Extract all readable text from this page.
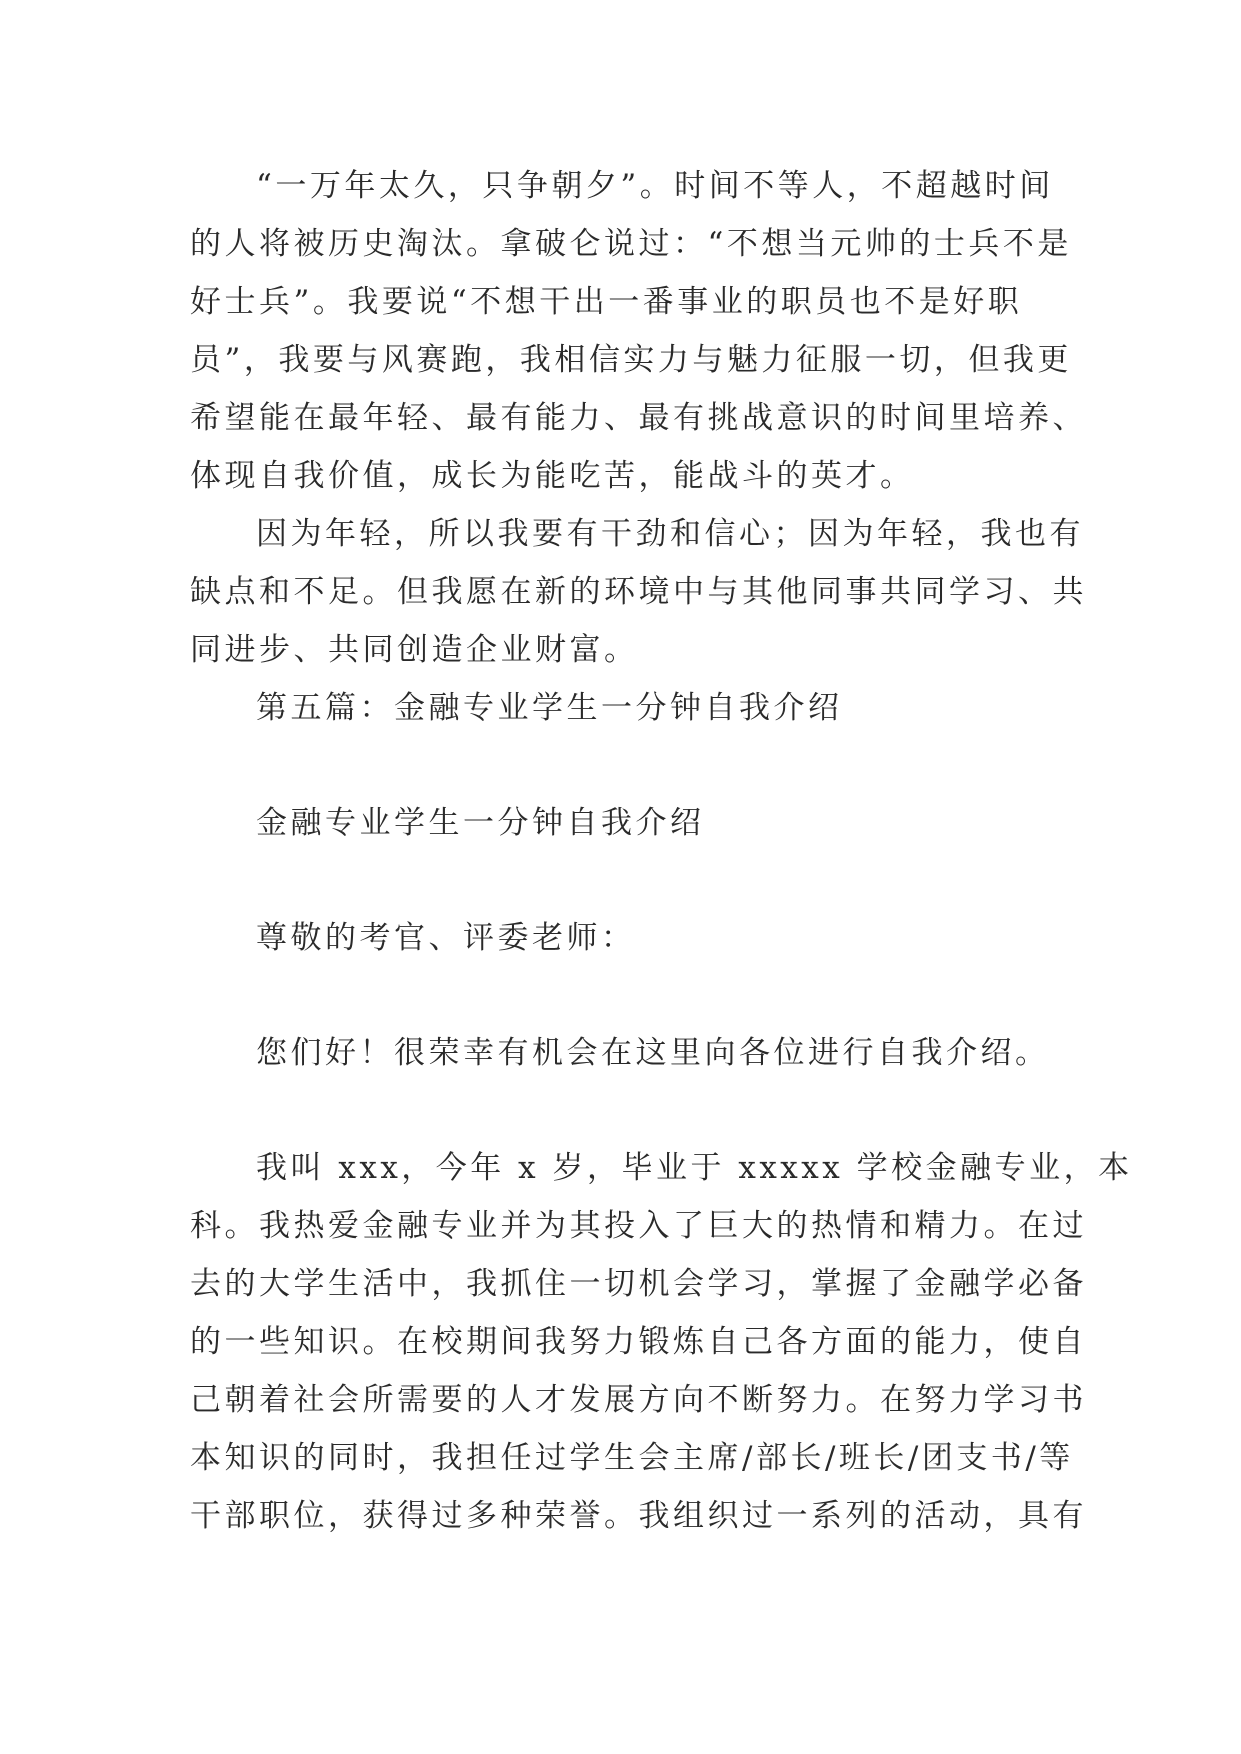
“一万年太久，只争朝夕”。时间不等人，不超越时间

的人将被历史淘汰。拿破仑说过：“不想当元帅的士兵不是

好士兵”。我要说“不想干出一番事业的职员也不是好职

员”，我要与风赛跑，我相信实力与魅力征服一切，但我更

希望能在最年轻、最有能力、最有挑战意识的时间里培养、

体现自我价值，成长为能吃苦，能战斗的英才。

因为年轻，所以我要有干劲和信心；因为年轻，我也有

缺点和不足。但我愿在新的环境中与其他同事共同学习、共

同进步、共同创造企业财富。

第五篇：金融专业学生一分钟自我介绍

金融专业学生一分钟自我介绍

尊敬的考官、评委老师：

您们好！很荣幸有机会在这里向各位进行自我介绍。

我叫 xxx，今年 x 岁，毕业于 xxxxx 学校金融专业，本

科。我热爱金融专业并为其投入了巨大的热情和精力。在过

去的大学生活中，我抓住一切机会学习，掌握了金融学必备

的一些知识。在校期间我努力锻炼自己各方面的能力，使自

己朝着社会所需要的人才发展方向不断努力。在努力学习书

本知识的同时，我担任过学生会主席/部长/班长/团支书/等

干部职位，获得过多种荣誉。我组织过一系列的活动，具有
